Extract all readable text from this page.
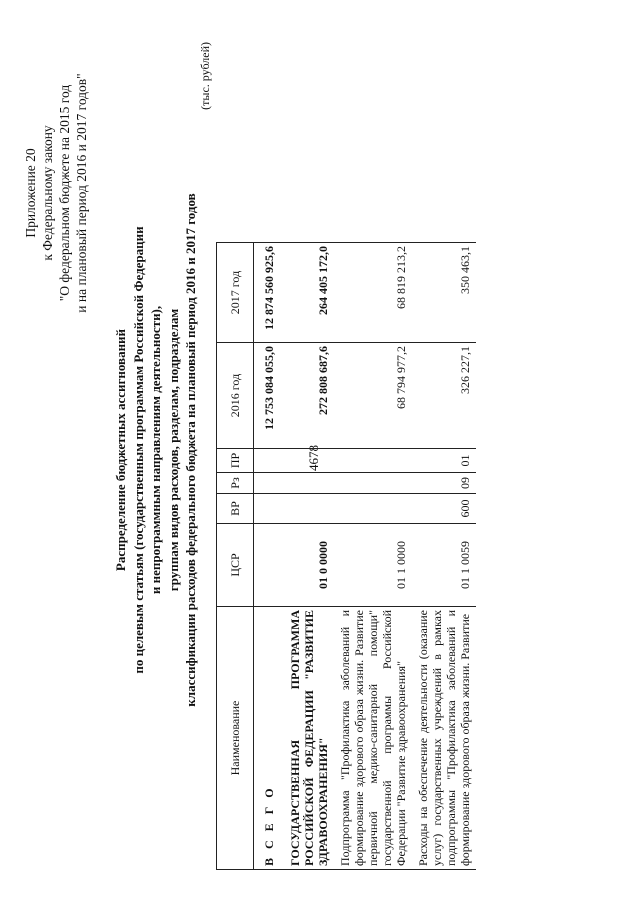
4678
Приложение 20 к Федеральному закону "О федеральном бюджете на 2015 год и на плановый период 2016 и 2017 годов"
Распределение бюджетных ассигнований по целевым статьям (государственным программам Российской Федерации и непрограммным направлениям деятельности), группам видов расходов, разделам, подразделам классификации расходов федерального бюджета на плановый период 2016 и 2017 годов
(тыс. рублей)
Наименование	ЦСР	ВР	Рз	ПР	2016 год	2017 год
В С Е Г О					12 753 084 055,0	12 874 560 925,6
ГОСУДАРСТВЕННАЯ ПРОГРАММА РОССИЙСКОЙ ФЕДЕРАЦИИ "РАЗВИТИЕ ЗДРАВООХРАНЕНИЯ"	01 0 0000				272 808 687,6	264 405 172,0
Подпрограмма "Профилактика заболеваний и формирование здорового образа жизни. Развитие первичной медико-санитарной помощи" государственной программы Российской Федерации "Развитие здравоохранения"	01 1 0000				68 794 977,2	68 819 213,2
Расходы на обеспечение деятельности (оказание услуг) государственных учреждений в рамках подпрограммы "Профилактика заболеваний и формирование здорового образа жизни. Развитие	01 1 0059	600	09	01	326 227,1	350 463,1
